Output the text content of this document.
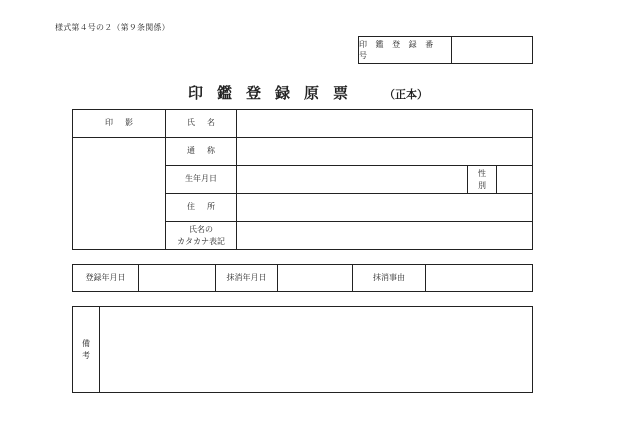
様式第４号の２（第９条関係）
印 鑑 登 録 番 号
印鑑登録原票 （正本）
印影	氏名
通称
生年月日
性
別
住所
氏名の
カタカナ表記
登録年月日	抹消年月日	抹消事由
備
考
